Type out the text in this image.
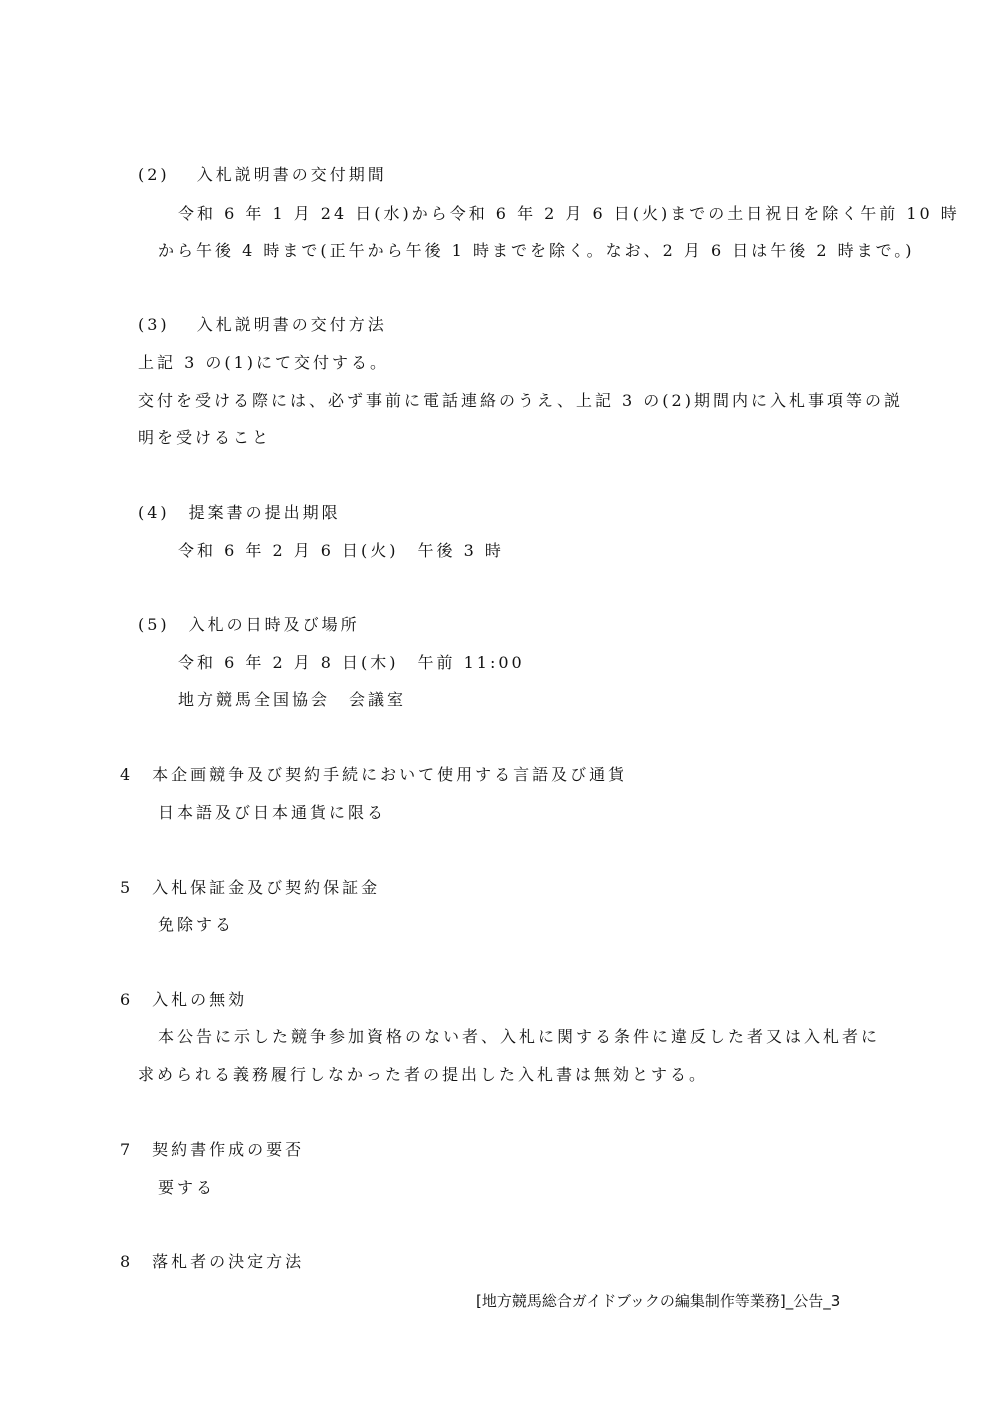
(2)　 入札説明書の交付期間
令和 6 年 1 月 24 日(水)から令和 6 年 2 月 6 日(火)までの土日祝日を除く午前 10 時
から午後 4 時まで(正午から午後 1 時までを除く。なお、2 月 6 日は午後 2 時まで。)
(3)　 入札説明書の交付方法
上記 3 の(1)にて交付する。
交付を受ける際には、必ず事前に電話連絡のうえ、上記 3 の(2)期間内に入札事項等の説
明を受けること
(4)　提案書の提出期限
令和 6 年 2 月 6 日(火)　午後 3 時
(5)　入札の日時及び場所
令和 6 年 2 月 8 日(木)　午前 11:00
地方競馬全国協会　会議室
4　本企画競争及び契約手続において使用する言語及び通貨
日本語及び日本通貨に限る
5　入札保証金及び契約保証金
免除する
6　入札の無効
本公告に示した競争参加資格のない者、入札に関する条件に違反した者又は入札者に
求められる義務履行しなかった者の提出した入札書は無効とする。
7　契約書作成の要否
要する
8　落札者の決定方法
[地方競馬総合ガイドブックの編集制作等業務]_公告_3
